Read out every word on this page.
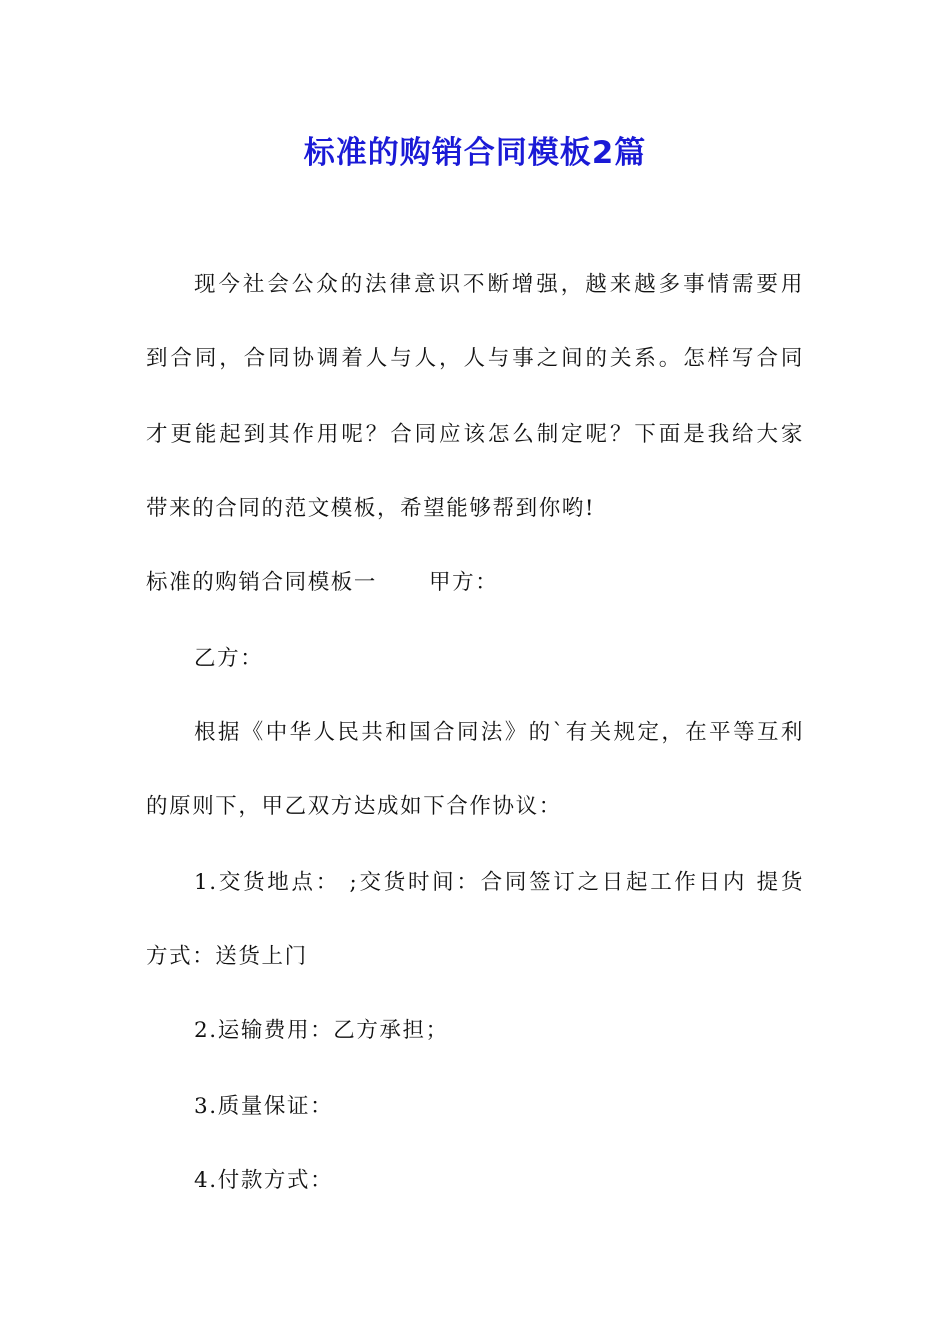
标准的购销合同模板2篇
现今社会公众的法律意识不断增强，越来越多事情需要用
到合同，合同协调着人与人，人与事之间的关系。怎样写合同
才更能起到其作用呢？合同应该怎么制定呢？下面是我给大家
带来的合同的范文模板，希望能够帮到你哟!
标准的购销合同模板一 甲方：
乙方：
根据《中华人民共和国合同法》的`有关规定，在平等互利
的原则下，甲乙双方达成如下合作协议：
1.交货地点： ;交货时间：合同签订之日起工作日内 提货
方式：送货上门
2.运输费用：乙方承担；
3.质量保证：
4.付款方式：
